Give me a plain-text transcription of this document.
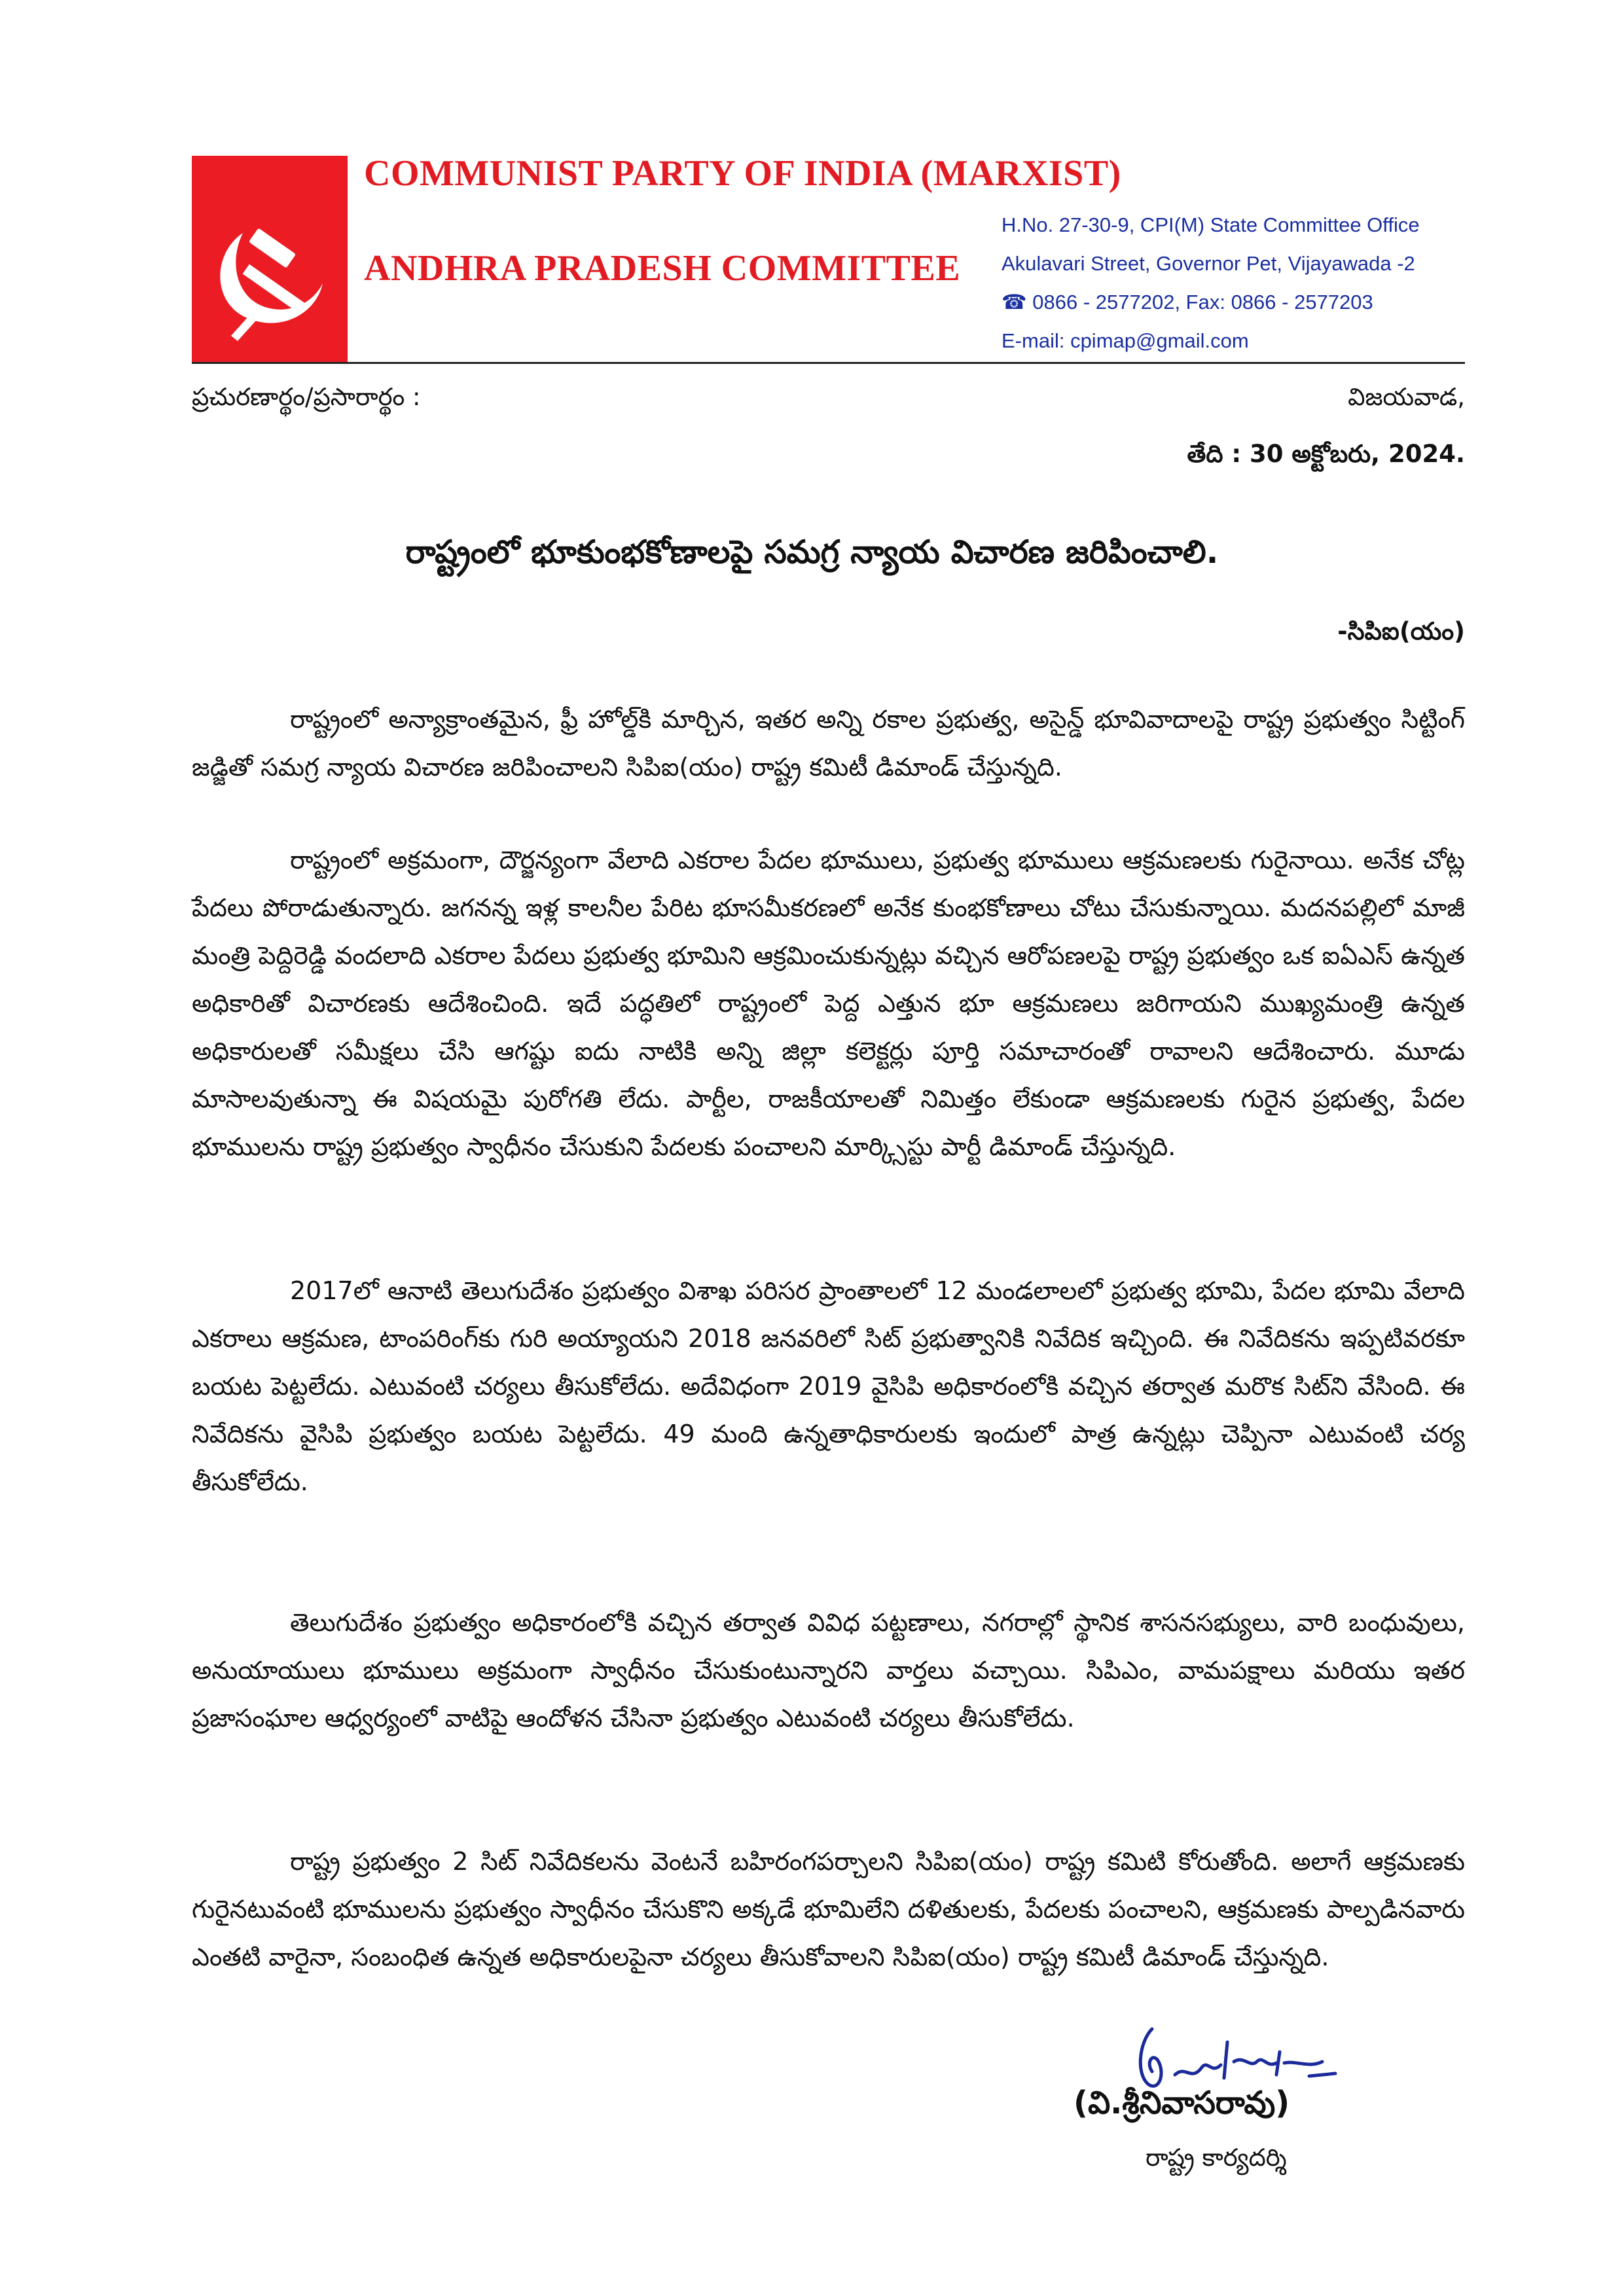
COMMUNIST PARTY OF INDIA (MARXIST)
ANDHRA PRADESH COMMITTEE
H.No. 27-30-9, CPI(M) State Committee Office
Akulavari Street, Governor Pet, Vijayawada -2
☎ 0866 - 2577202, Fax: 0866 - 2577203
E-mail: cpimap@gmail.com
ప్రచురణార్థం/ప్రసారార్థం :	విజయవాడ,
తేది : 30 అక్టోబరు, 2024.
రాష్ట్రంలో భూకుంభకోణాలపై సమగ్ర న్యాయ విచారణ జరిపించాలి.
-సిపిఐ(యం)
రాష్ట్రంలో అన్యాక్రాంతమైన, ఫ్రీ హోల్డ్‌కి మార్చిన, ఇతర అన్ని రకాల ప్రభుత్వ, అసైన్డ్ భూవివాదాలపై రాష్ట్ర ప్రభుత్వం సిట్టింగ్ జడ్జితో సమగ్ర న్యాయ విచారణ జరిపించాలని సిపిఐ(యం) రాష్ట్ర కమిటీ డిమాండ్ చేస్తున్నది.
రాష్ట్రంలో అక్రమంగా, దౌర్జన్యంగా వేలాది ఎకరాల పేదల భూములు, ప్రభుత్వ భూములు ఆక్రమణలకు గురైనాయి. అనేక చోట్ల పేదలు పోరాడుతున్నారు. జగనన్న ఇళ్ల కాలనీల పేరిట భూసమీకరణలో అనేక కుంభకోణాలు చోటు చేసుకున్నాయి. మదనపల్లిలో మాజీ మంత్రి పెద్దిరెడ్డి వందలాది ఎకరాల పేదలు ప్రభుత్వ భూమిని ఆక్రమించుకున్నట్లు వచ్చిన ఆరోపణలపై రాష్ట్ర ప్రభుత్వం ఒక ఐఏఎస్ ఉన్నత అధికారితో విచారణకు ఆదేశించింది. ఇదే పద్ధతిలో రాష్ట్రంలో పెద్ద ఎత్తున భూ ఆక్రమణలు జరిగాయని ముఖ్యమంత్రి ఉన్నత అధికారులతో సమీక్షలు చేసి ఆగష్టు ఐదు నాటికి అన్ని జిల్లా కలెక్టర్లు పూర్తి సమాచారంతో రావాలని ఆదేశించారు. మూడు మాసాలవుతున్నా ఈ విషయమై పురోగతి లేదు. పార్టీల, రాజకీయాలతో నిమిత్తం లేకుండా ఆక్రమణలకు గురైన ప్రభుత్వ, పేదల భూములను రాష్ట్ర ప్రభుత్వం స్వాధీనం చేసుకుని పేదలకు పంచాలని మార్క్సిస్టు పార్టీ డిమాండ్ చేస్తున్నది.
2017లో ఆనాటి తెలుగుదేశం ప్రభుత్వం విశాఖ పరిసర ప్రాంతాలలో 12 మండలాలలో ప్రభుత్వ భూమి, పేదల భూమి వేలాది ఎకరాలు ఆక్రమణ, టాంపరింగ్‌కు గురి అయ్యాయని 2018 జనవరిలో సిట్ ప్రభుత్వానికి నివేదిక ఇచ్చింది. ఈ నివేదికను ఇప్పటివరకూ బయట పెట్టలేదు. ఎటువంటి చర్యలు తీసుకోలేదు. అదేవిధంగా 2019 వైసిపి అధికారంలోకి వచ్చిన తర్వాత మరొక సిట్‌ని వేసింది. ఈ నివేదికను వైసిపి ప్రభుత్వం బయట పెట్టలేదు. 49 మంది ఉన్నతాధికారులకు ఇందులో పాత్ర ఉన్నట్లు చెప్పినా ఎటువంటి చర్య తీసుకోలేదు.
తెలుగుదేశం ప్రభుత్వం అధికారంలోకి వచ్చిన తర్వాత వివిధ పట్టణాలు, నగరాల్లో స్థానిక శాసనసభ్యులు, వారి బంధువులు, అనుయాయులు భూములు అక్రమంగా స్వాధీనం చేసుకుంటున్నారని వార్తలు వచ్చాయి. సిపిఎం, వామపక్షాలు మరియు ఇతర ప్రజాసంఘాల ఆధ్వర్యంలో వాటిపై ఆందోళన చేసినా ప్రభుత్వం ఎటువంటి చర్యలు తీసుకోలేదు.
రాష్ట్ర ప్రభుత్వం 2 సిట్ నివేదికలను వెంటనే బహిరంగపర్చాలని సిపిఐ(యం) రాష్ట్ర కమిటి కోరుతోంది. అలాగే ఆక్రమణకు గురైనటువంటి భూములను ప్రభుత్వం స్వాధీనం చేసుకొని అక్కడే భూమిలేని దళితులకు, పేదలకు పంచాలని, ఆక్రమణకు పాల్పడినవారు ఎంతటి వారైనా, సంబంధిత ఉన్నత అధికారులపైనా చర్యలు తీసుకోవాలని సిపిఐ(యం) రాష్ట్ర కమిటీ డిమాండ్ చేస్తున్నది.
(వి.శ్రీనివాసరావు)
రాష్ట్ర కార్యదర్శి
